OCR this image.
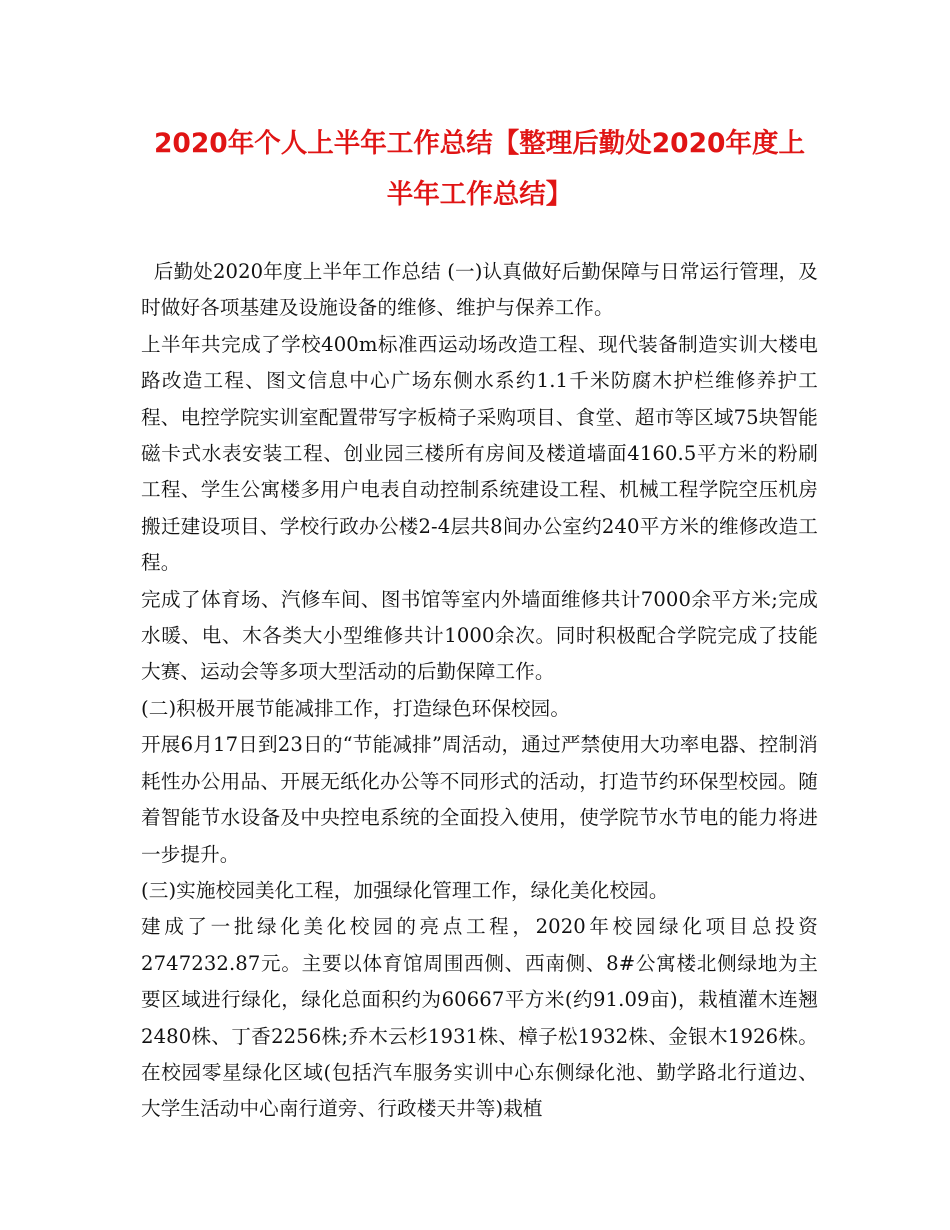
2020年个人上半年工作总结【整理后勤处2020年度上半年工作总结】

后勤处2020年度上半年工作总结 (一)认真做好后勤保障与日常运行管理，及时做好各项基建及设施设备的维修、维护与保养工作。

上半年共完成了学校400m标准西运动场改造工程、现代装备制造实训大楼电路改造工程、图文信息中心广场东侧水系约1.1千米防腐木护栏维修养护工程、电控学院实训室配置带写字板椅子采购项目、食堂、超市等区域75块智能磁卡式水表安装工程、创业园三楼所有房间及楼道墙面4160.5平方米的粉刷工程、学生公寓楼多用户电表自动控制系统建设工程、机械工程学院空压机房搬迁建设项目、学校行政办公楼2-4层共8间办公室约240平方米的维修改造工程。

完成了体育场、汽修车间、图书馆等室内外墙面维修共计7000余平方米;完成水暖、电、木各类大小型维修共计1000余次。同时积极配合学院完成了技能大赛、运动会等多项大型活动的后勤保障工作。

(二)积极开展节能减排工作，打造绿色环保校园。

开展6月17日到23日的“节能减排”周活动，通过严禁使用大功率电器、控制消耗性办公用品、开展无纸化办公等不同形式的活动，打造节约环保型校园。随着智能节水设备及中央控电系统的全面投入使用，使学院节水节电的能力将进一步提升。

(三)实施校园美化工程，加强绿化管理工作，绿化美化校园。

建成了一批绿化美化校园的亮点工程，2020年校园绿化项目总投资2747232.87元。主要以体育馆周围西侧、西南侧、8#公寓楼北侧绿地为主要区域进行绿化，绿化总面积约为60667平方米(约91.09亩)，栽植灌木连翘2480株、丁香2256株;乔木云杉1931株、樟子松1932株、金银木1926株。在校园零星绿化区域(包括汽车服务实训中心东侧绿化池、勤学路北行道边、大学生活动中心南行道旁、行政楼天井等)栽植
